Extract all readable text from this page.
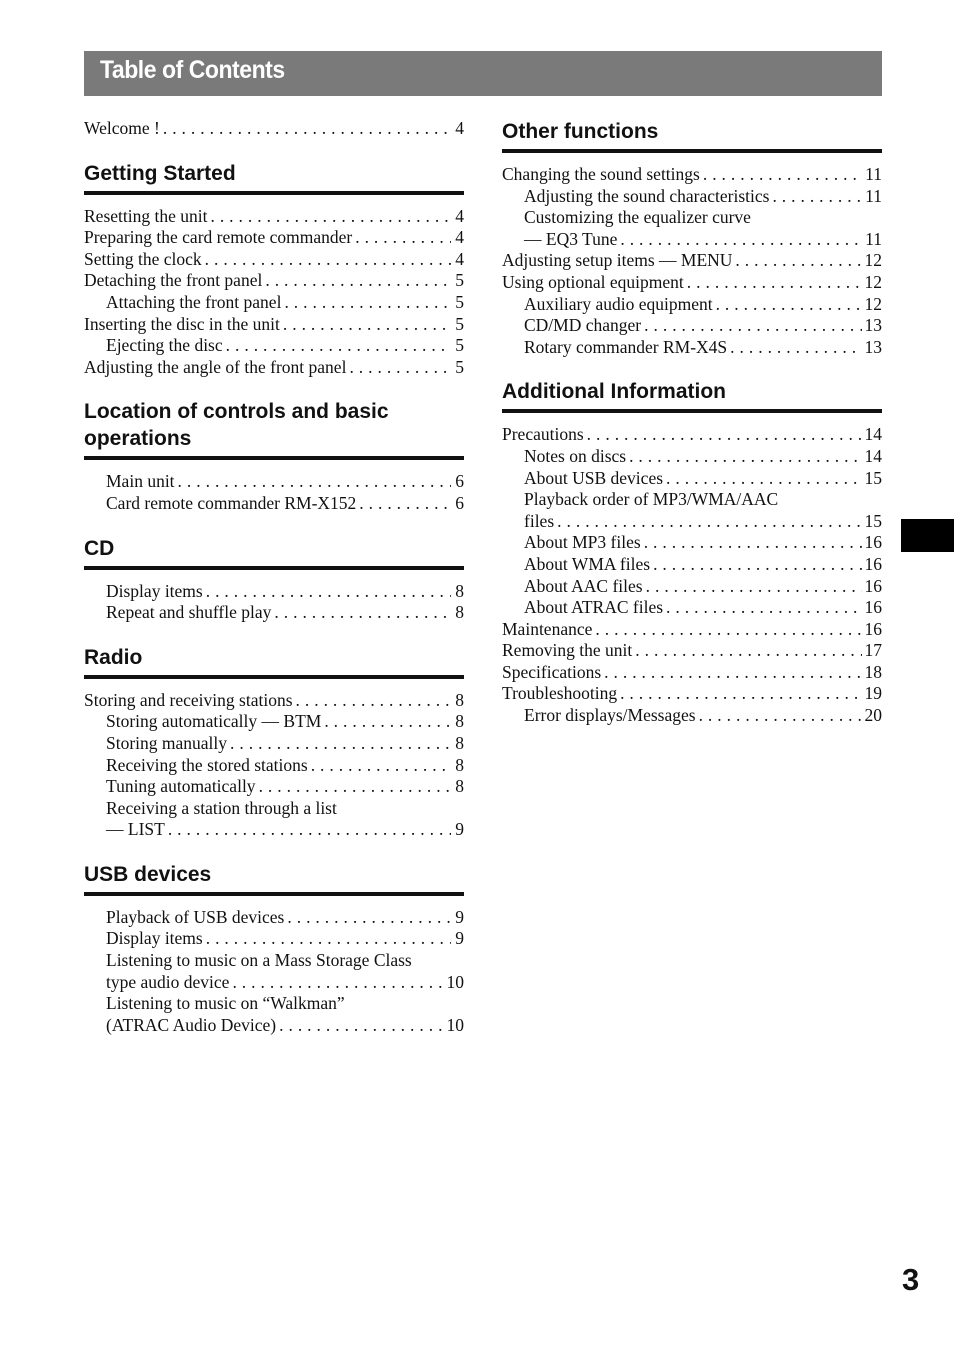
Table of Contents
Welcome ! . . .	4
Getting Started
Resetting the unit . . .	4
Preparing the card remote commander . . .	4
Setting the clock . . .	4
Detaching the front panel . . .	5
Attaching the front panel . . .	5
Inserting the disc in the unit . . .	5
Ejecting the disc . . .	5
Adjusting the angle of the front panel . . .	5
Location of controls and basic operations
Main unit . . .	6
Card remote commander RM-X152 . . .	6
CD
Display items . . .	8
Repeat and shuffle play . . .	8
Radio
Storing and receiving stations . . .	8
Storing automatically — BTM . . .	8
Storing manually . . .	8
Receiving the stored stations . . .	8
Tuning automatically . . .	8
Receiving a station through a list
— LIST . . .	9
USB devices
Playback of USB devices . . .	9
Display items . . .	9
Listening to music on a Mass Storage Class
type audio device . . .	10
Listening to music on “Walkman”
(ATRAC Audio Device) . . .	10
Other functions
Changing the sound settings . . .	11
Adjusting the sound characteristics . . .	11
Customizing the equalizer curve
— EQ3 Tune . . .	11
Adjusting setup items — MENU . . .	12
Using optional equipment . . .	12
Auxiliary audio equipment . . .	12
CD/MD changer . . .	13
Rotary commander RM-X4S . . .	13
Additional Information
Precautions . . .	14
Notes on discs . . .	14
About USB devices . . .	15
Playback order of MP3/WMA/AAC
files . . .	15
About MP3 files . . .	16
About WMA files . . .	16
About AAC files . . .	16
About ATRAC files . . .	16
Maintenance . . .	16
Removing the unit . . .	17
Specifications . . .	18
Troubleshooting . . .	19
Error displays/Messages . . .	20
3
